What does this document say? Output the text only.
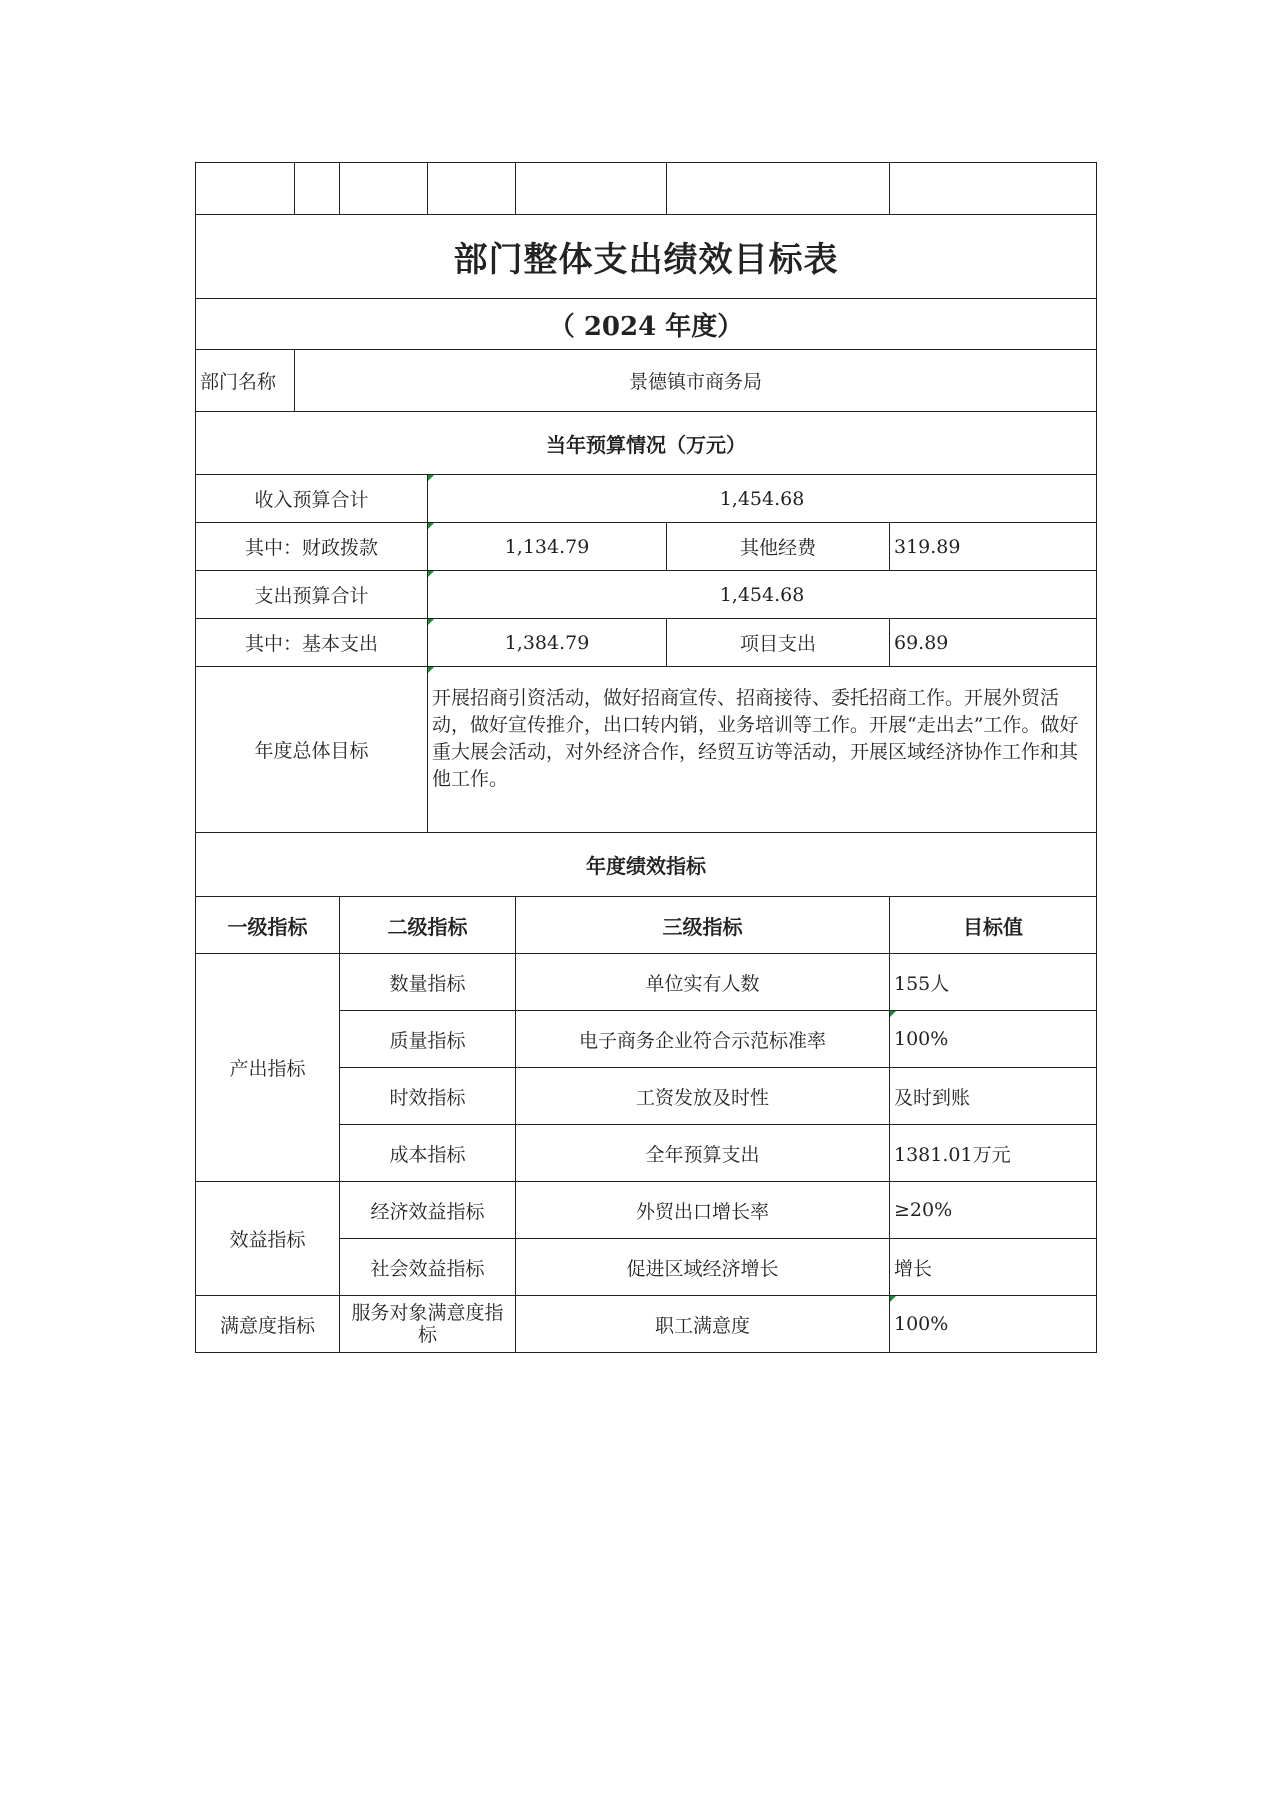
部门整体支出绩效目标表						
（ 2024 年度）						
部门名称	景德镇市商务局					
当年预算情况（万元）						
收入预算合计			1,454.68			
其中：财政拨款			1,134.79		其他经费	319.89
支出预算合计			1,454.68			
其中：基本支出			1,384.79		项目支出	69.89
年度总体目标			开展招商引资活动，做好招商宣传、招商接待、委托招商工作。开展外贸活动，做好宣传推介，出口转内销，业务培训等工作。开展“走出去”工作。做好重大展会活动，对外经济合作，经贸互访等活动，开展区域经济协作工作和其他工作。			
年度绩效指标						
一级指标		二级指标		三级指标		目标值
产出指标		数量指标		单位实有人数		155人
		质量指标		电子商务企业符合示范标准率		100%
		时效指标		工资发放及时性		及时到账
		成本指标		全年预算支出		1381.01万元
效益指标		经济效益指标		外贸出口增长率		≥20%
		社会效益指标		促进区域经济增长		增长
满意度指标		服务对象满意度指标		职工满意度		100%
